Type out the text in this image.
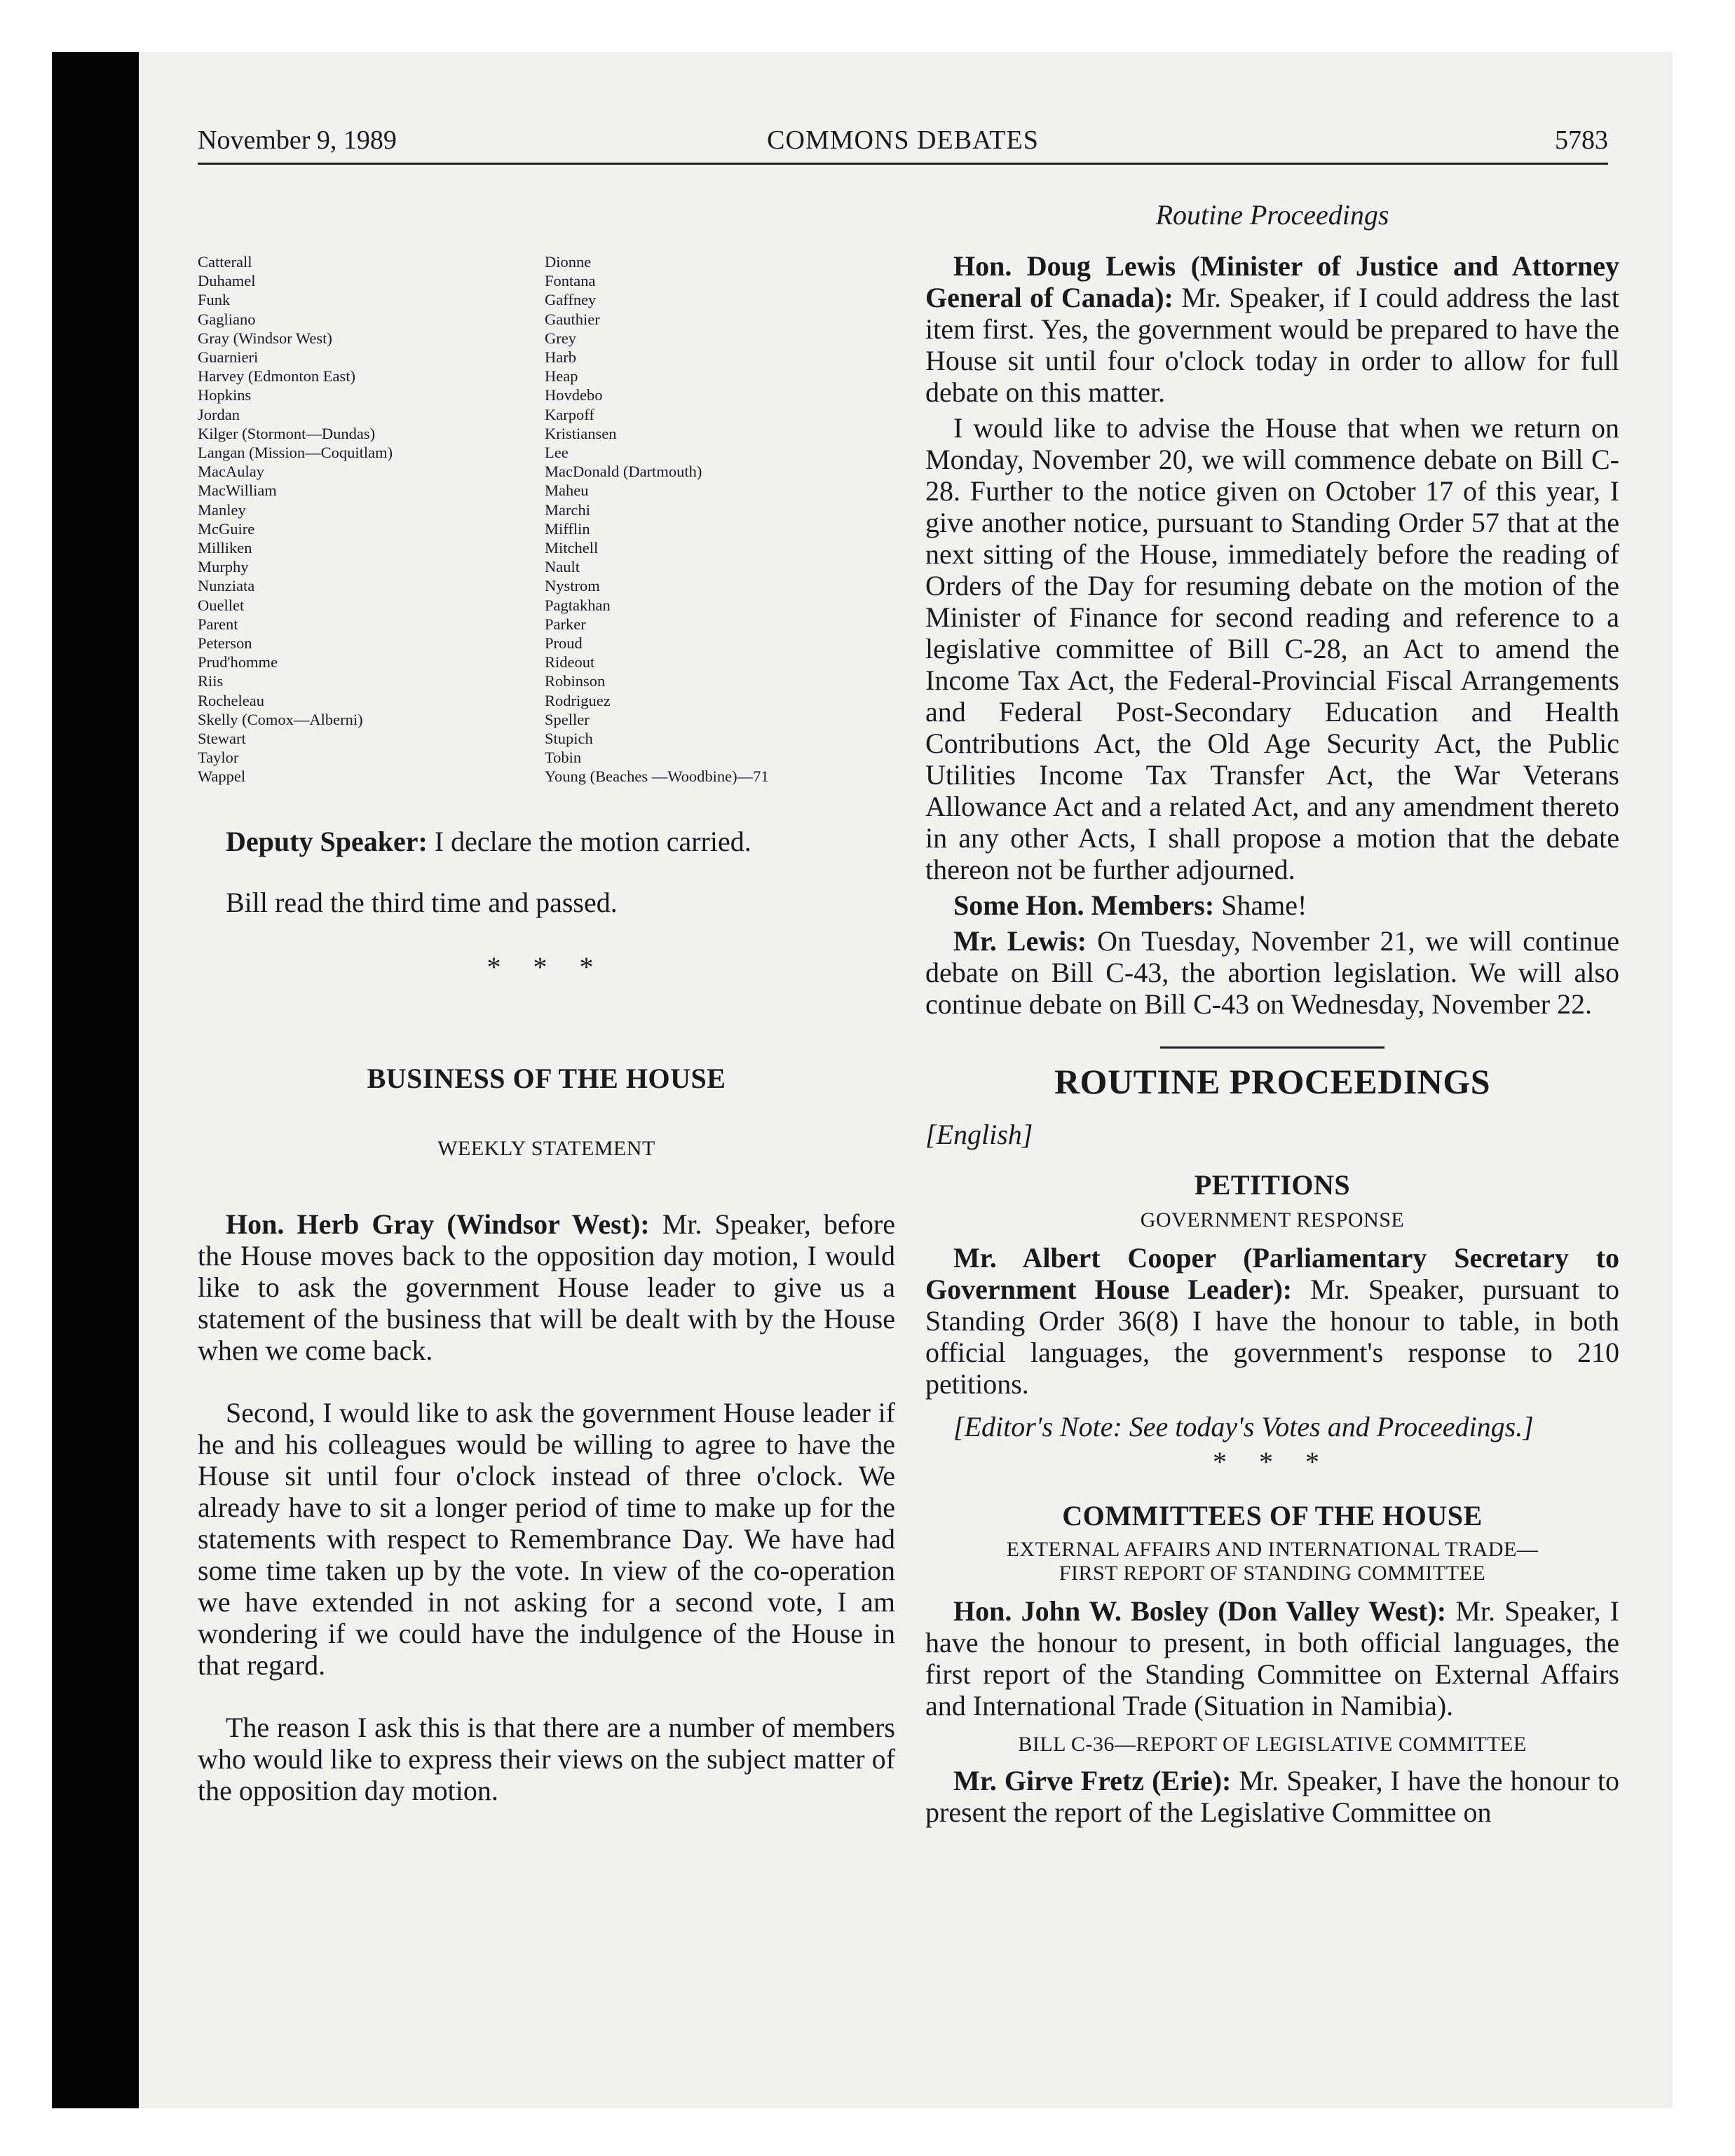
November 9, 1989	COMMONS DEBATES	5783
Catterall
Duhamel
Funk
Gagliano
Gray (Windsor West)
Guarnieri
Harvey (Edmonton East)
Hopkins
Jordan
Kilger (Stormont—Dundas)
Langan (Mission—Coquitlam)
MacAulay
MacWilliam
Manley
McGuire
Milliken
Murphy
Nunziata
Ouellet
Parent
Peterson
Prud'homme
Riis
Rocheleau
Skelly (Comox—Alberni)
Stewart
Taylor
Wappel
Dionne
Fontana
Gaffney
Gauthier
Grey
Harb
Heap
Hovdebo
Karpoff
Kristiansen
Lee
MacDonald (Dartmouth)
Maheu
Marchi
Mifflin
Mitchell
Nault
Nystrom
Pagtakhan
Parker
Proud
Rideout
Robinson
Rodriguez
Speller
Stupich
Tobin
Young (Beaches —Woodbine)—71

Deputy Speaker: I declare the motion carried.

Bill read the third time and passed.

* * *
BUSINESS OF THE HOUSE
WEEKLY STATEMENT

Hon. Herb Gray (Windsor West): Mr. Speaker, before the House moves back to the opposition day motion, I would like to ask the government House leader to give us a statement of the business that will be dealt with by the House when we come back.

Second, I would like to ask the government House leader if he and his colleagues would be willing to agree to have the House sit until four o'clock instead of three o'clock. We already have to sit a longer period of time to make up for the statements with respect to Remembrance Day. We have had some time taken up by the vote. In view of the co-operation we have extended in not asking for a second vote, I am wondering if we could have the indulgence of the House in that regard.

The reason I ask this is that there are a number of members who would like to express their views on the subject matter of the opposition day motion.

Routine Proceedings

Hon. Doug Lewis (Minister of Justice and Attorney General of Canada): Mr. Speaker, if I could address the last item first. Yes, the government would be prepared to have the House sit until four o'clock today in order to allow for full debate on this matter.

I would like to advise the House that when we return on Monday, November 20, we will commence debate on Bill C-28. Further to the notice given on October 17 of this year, I give another notice, pursuant to Standing Order 57 that at the next sitting of the House, immediately before the reading of Orders of the Day for resuming debate on the motion of the Minister of Finance for second reading and reference to a legislative committee of Bill C-28, an Act to amend the Income Tax Act, the Federal-Provincial Fiscal Arrangements and Federal Post-Secondary Education and Health Contributions Act, the Old Age Security Act, the Public Utilities Income Tax Transfer Act, the War Veterans Allowance Act and a related Act, and any amendment thereto in any other Acts, I shall propose a motion that the debate thereon not be further adjourned.

Some Hon. Members: Shame!

Mr. Lewis: On Tuesday, November 21, we will continue debate on Bill C-43, the abortion legislation. We will also continue debate on Bill C-43 on Wednesday, November 22.

ROUTINE PROCEEDINGS

[English]

PETITIONS
GOVERNMENT RESPONSE

Mr. Albert Cooper (Parliamentary Secretary to Government House Leader): Mr. Speaker, pursuant to Standing Order 36(8) I have the honour to table, in both official languages, the government's response to 210 petitions.

[Editor's Note: See today's Votes and Proceedings.]

* * *
COMMITTEES OF THE HOUSE
EXTERNAL AFFAIRS AND INTERNATIONAL TRADE—
FIRST REPORT OF STANDING COMMITTEE

Hon. John W. Bosley (Don Valley West): Mr. Speaker, I have the honour to present, in both official languages, the first report of the Standing Committee on External Affairs and International Trade (Situation in Namibia).

BILL C-36—REPORT OF LEGISLATIVE COMMITTEE

Mr. Girve Fretz (Erie): Mr. Speaker, I have the honour to present the report of the Legislative Committee on
